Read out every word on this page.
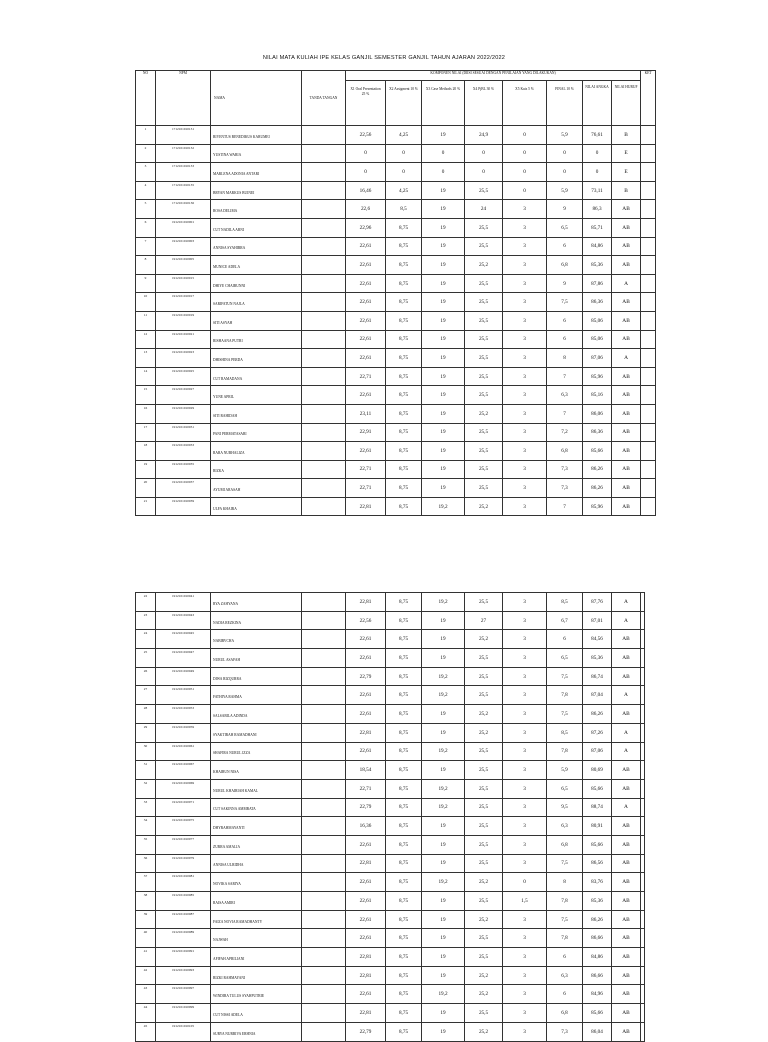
NILAI MATA KULIAH IPE KELAS GANJIL SEMESTER GANJIL TAHUN AJARAN 2022/2022
NO	NPM	NAMA	TANDA TANGAN	KOMPONEN NILAI (DIISI SESUAI DENGAN PENILAIAN YANG DILAKUKAN)								KET
				X1 Oral Presentation 25 %	X2 Assigment 10 %	X3 Case Methods 20 %	X4 PjBL 30 %	X5 Kuis 5 %	FINAL 10 %	NILAI ANGKA	NILAI HURUF	
1	1712101010131	RIVENTUS BENEDIKUS KARUMEI		22,56	4,25	19	24,9	0	5,9	76,61	B	
2	1712101010132	YUSTINA WARIA		0	0	0	0	0	0	0	E	
3	1712101010133	MARLENA ADONIA ANTARI		0	0	0	0	0	0	0	E	
4	1712101010135	BRYAN MARKUS BUINEI		16,46	4,25	19	25,5	0	5,9	73,11	B	
5	1712101010136	ROSA DELIMA		22,6	8,5	19	24	3	9	86,3	AB	
6	1912101010001	CUT NADILA ARNI		22,96	8,75	19	25,5	3	6,5	85,71	AB	
7	1912101010003	ANNISA SYAHIRRA		22,61	8,75	19	25,5	3	6	84,86	AB	
8	1912101010005	MUNICE ADELA		22,61	8,75	19	25,2	3	6,8	85,36	AB	
9	1912101010015	DHIYE CHAIRUNNI		22,61	8,75	19	25,5	3	9	87,86	A	
10	1912101010017	SARIFATUN NAJLA		22,61	8,75	19	25,5	3	7,5	86,36	AB	
11	1912101010019	SITI ASYAH		22,61	8,75	19	25,5	3	6	85,06	AB	
12	1912101010021	RISHAANA PUTRI		22,61	8,75	19	25,5	3	6	85,06	AB	
13	1912101010023	DHISHINA PERDA		22,61	8,75	19	25,5	3	8	87,06	A	
14	1912101010025	CUT RAMADANA		22,71	8,75	19	25,5	3	7	85,96	AB	
15	1912101010027	YUNE APRIL		22,61	8,75	19	25,5	3	6,3	85,16	AB	
16	1912101010029	SITI RAHIDAH		23,11	8,75	19	25,2	3	7	86,06	AB	
17	1912101010031	PANI PERMATASARI		22,91	8,75	19	25,5	3	7,2	86,36	AB	
18	1912101010033	RARA NURHALIZA		22,61	8,75	19	25,5	3	6,8	85,66	AB	
19	1912101010035	RIZKA		22,71	8,75	19	25,5	3	7,3	86,26	AB	
20	1912101010037	AYUMI ARASAH		22,71	8,75	19	25,5	3	7,3	86,26	AB	
21	1912101010039	ULFA KHAIRA		22,81	8,75	19,2	25,2	3	7	85,96	AB	
22	1912101010041	RYA ZAHYANA		22,81	8,75	19,2	25,5	3	8,5	87,76	A	
23	1912101010043	NADIA REZKINA		22,56	8,75	19	27	3	6,7	87,01	A	
24	1912101010045	NABIRVCHA		22,61	8,75	19	25,2	3	6	84,56	AB	
25	1912101010047	NURUL ASAFAH		22,61	8,75	19	25,5	3	6,5	85,36	AB	
26	1912101010049	DIWA RIZQURRA		22,79	8,75	19,2	25,5	3	7,5	86,74	AB	
27	1912101010051	FATHIYA RAHMA		22,61	8,75	19,2	25,5	3	7,8	87,04	A	
28	1912101010053	SALSABILA ADINDA		22,61	8,75	19	25,2	3	7,5	86,26	AB	
29	1912101010059	SYAKTIRAH RAMADHANI		22,81	8,75	19	25,2	3	8,5	87,26	A	
30	1912101010061	SHAFIRA NURUL IZZA		22,61	8,75	19,2	25,5	3	7,8	87,06	A	
31	1912101010067	KHAIRUN NISA		18,54	8,75	19	25,5	3	5,9	80,69	AB	
32	1912101010069	NURUL KHAIRIAH KAMAL		22,71	8,75	19,2	25,5	3	6,5	85,66	AB	
33	1912101010071	CUT SAKINNA AMMBATA		22,79	8,75	19,2	25,5	3	9,5	88,74	A	
34	1912101010075	DHYRAHMAYANTI		16,36	8,75	19	25,5	3	6,3	80,91	AB	
35	1912101010077	ZURRA AMALIA		22,61	8,75	19	25,5	3	6,8	85,66	AB	
36	1912101010079	ANNISA ULRIDHA		22,81	8,75	19	25,5	3	7,5	86,56	AB	
37	1912101010081	NOVIKA SARIYA		22,61	8,75	19,2	25,2	0	8	83,76	AB	
38	1912101010085	RAISA AMIRI		22,61	8,75	19	25,5	1,5	7,8	85,36	AB	
39	1912101010087	FAIZA NOVIA RAMADHANTY		22,61	8,75	19	25,2	3	7,5	86,26	AB	
40	1912101010089	NAJWAH		22,61	8,75	19	25,5	3	7,8	86,66	AB	
41	1912101010091	AFIFAH APRILIANI		22,81	8,75	19	25,5	3	6	84,86	AB	
42	1912101010093	RIZKI RAHMAYANI		22,81	8,75	19	25,2	3	6,3	86,66	AB	
43	1912101010097	WINDIRA TULUS SYAHPUTRIE		22,61	8,75	19,2	25,2	3	6	84,96	AB	
44	1912101010099	CUT NISSI ADELA		22,81	8,75	19	25,5	3	6,8	85,66	AB	
45	1912101010105	SURYA NURRIVA ERHNIA		22,79	8,75	19	25,2	3	7,3	86,04	AB	
